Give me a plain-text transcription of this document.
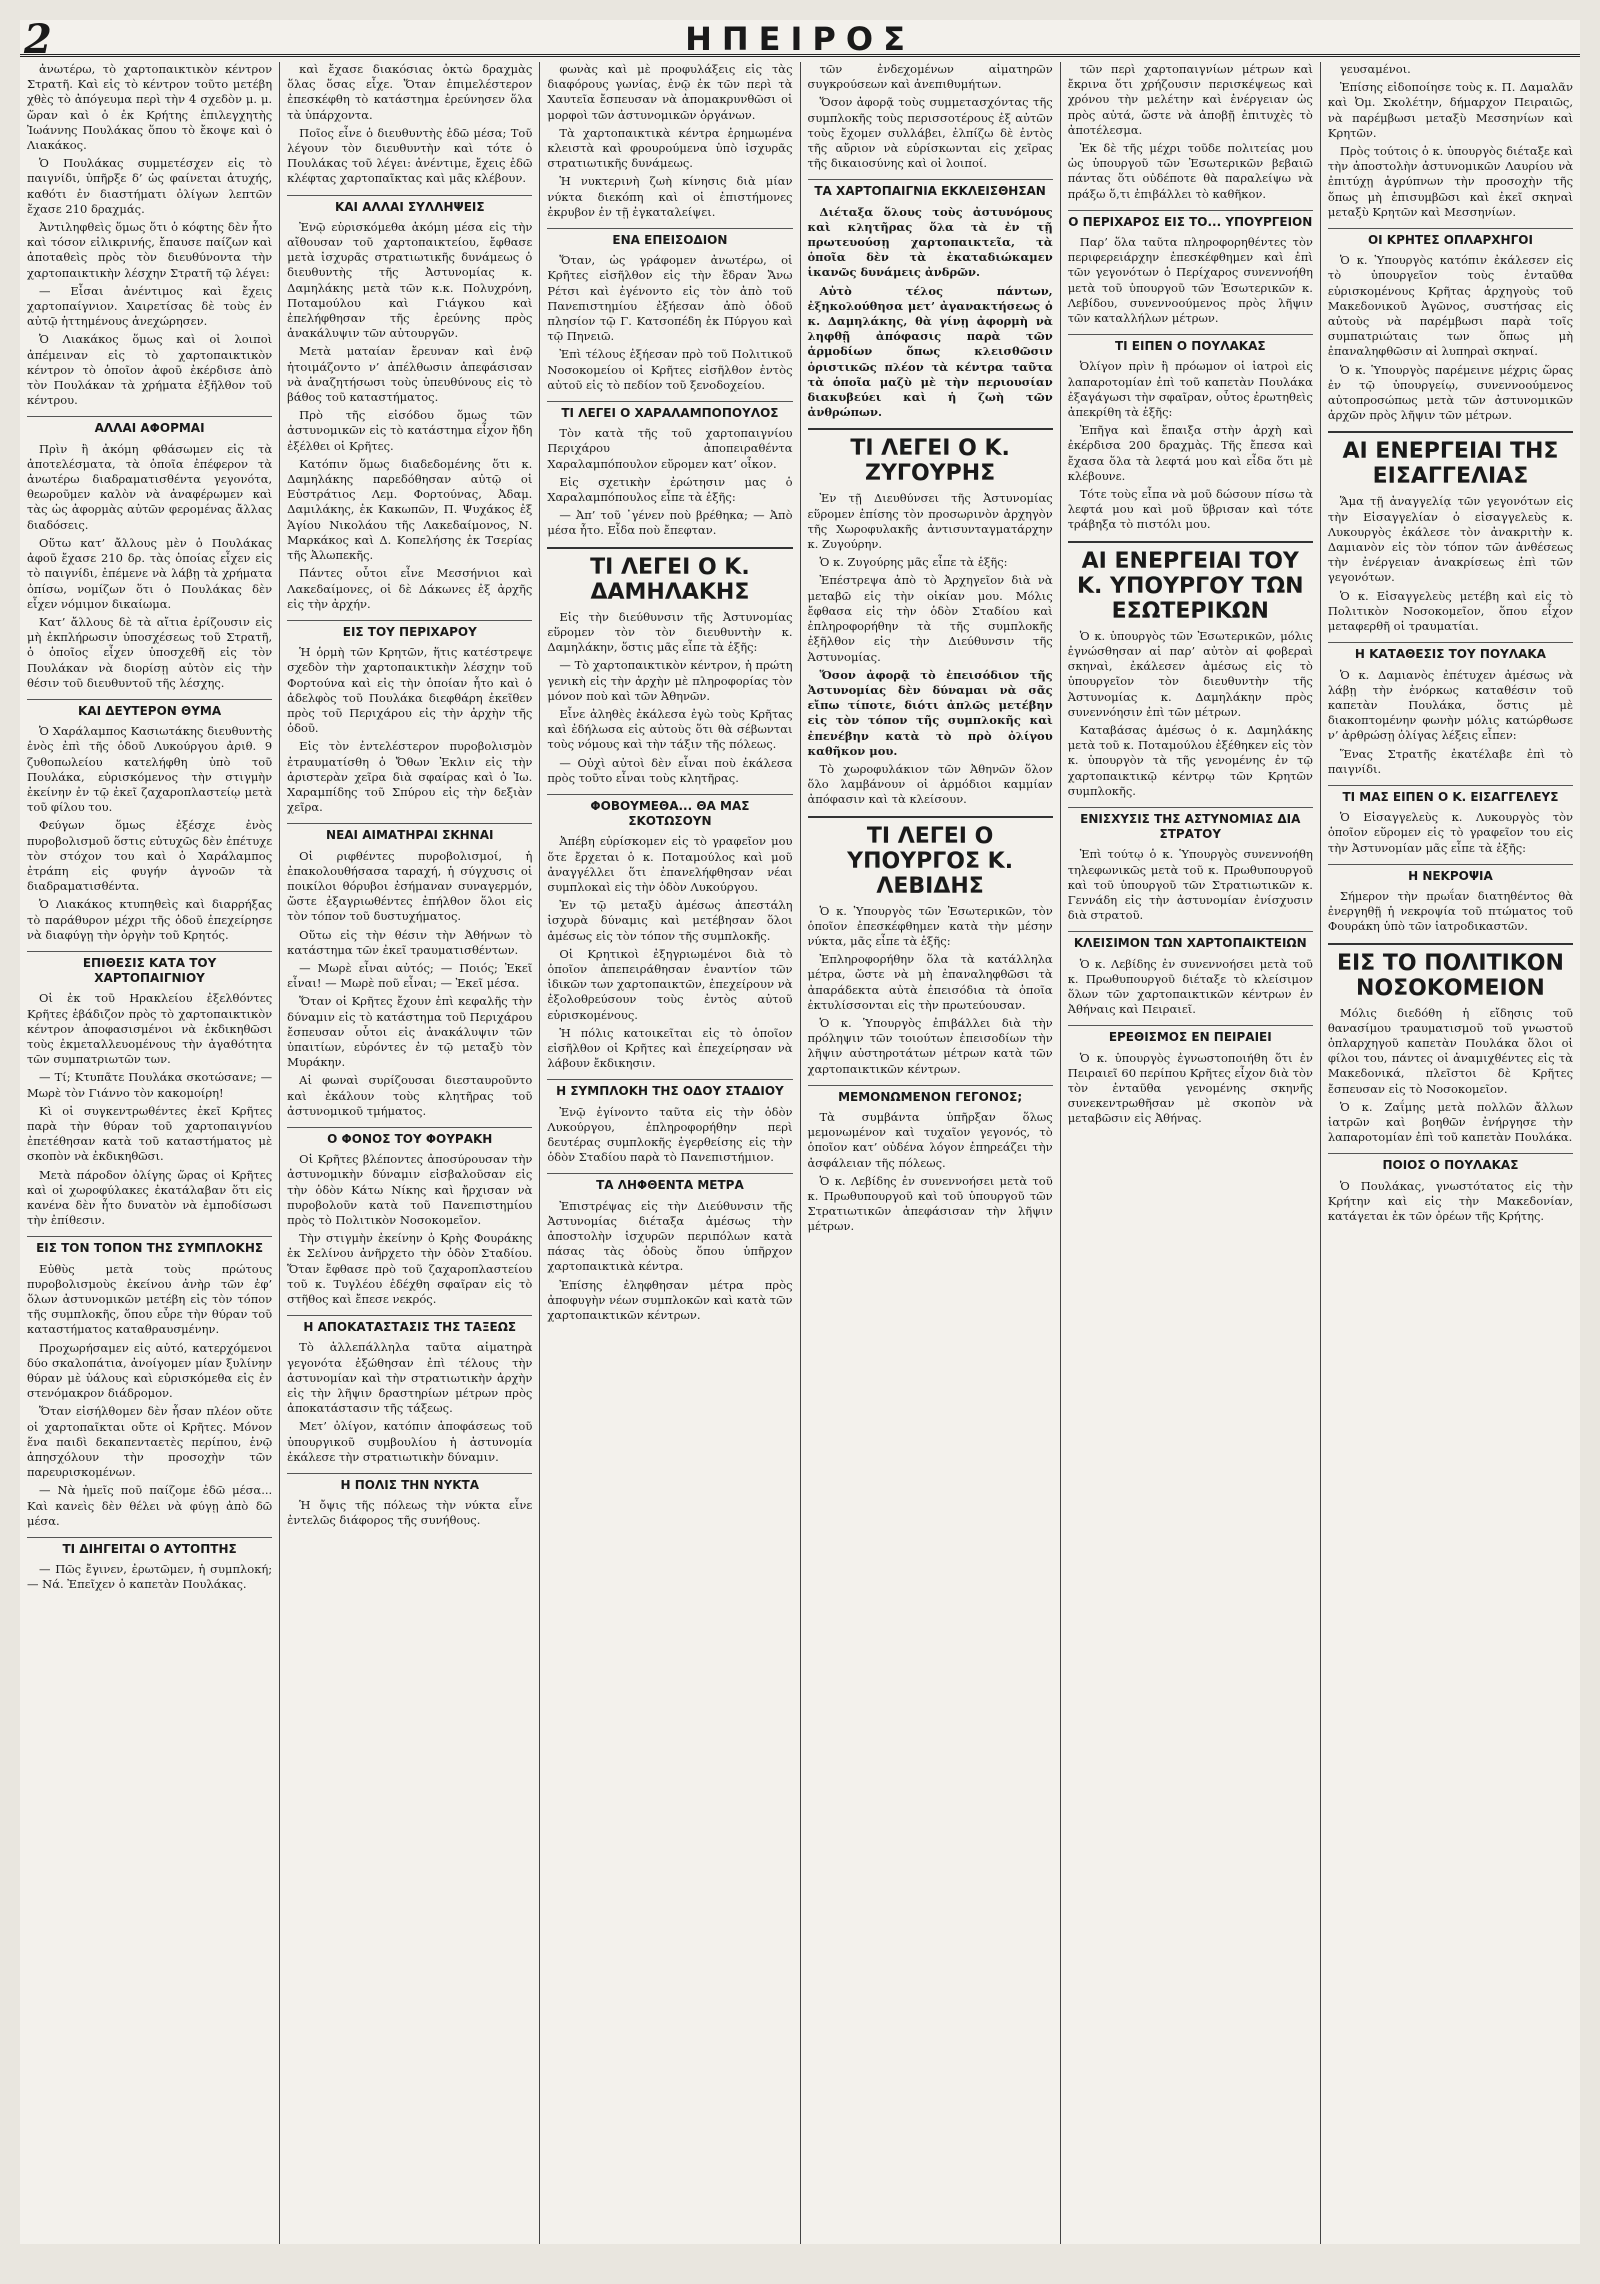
2	ΗΠΕΙΡΟΣ

ἀνωτέρω, τὸ χαρτοπαικτικὸν κέντρον Στρατῆ. Καὶ εἰς τὸ κέντρον τοῦτο μετέβη χθὲς τὸ ἀπόγευμα περὶ τὴν 4 σχεδὸν μ. μ. ὥραν καὶ ὁ ἐκ Κρήτης ἐπιλεγχητὴς Ἰωάννης Πουλάκας ὅπου τὸ ἔκοψε καὶ ὁ Λιακάκος.

Ὁ Πουλάκας συμμετέσχεν εἰς τὸ παιγνίδι, ὑπῆρξε δ’ ὡς φαίνεται ἀτυχής, καθότι ἐν διαστήματι ὀλίγων λεπτῶν ἔχασε 210 δραχμάς.

Ἀντιληφθεὶς ὅμως ὅτι ὁ κόφτης δὲν ἦτο καὶ τόσον εἰλικρινής, ἔπαυσε παίζων καὶ ἀποταθεὶς πρὸς τὸν διευθύνοντα τὴν χαρτοπαικτικὴν λέσχην Στρατῆ τῷ λέγει:

— Εἶσαι ἀνέντιμος καὶ ἔχεις χαρτοπαίγνιον. Χαιρετίσας δὲ τοὺς ἐν αὐτῷ ἡττημένους ἀνεχώρησεν.

Ὁ Λιακάκος ὅμως καὶ οἱ λοιποὶ ἀπέμειναν εἰς τὸ χαρτοπαικτικὸν κέντρον τὸ ὁποῖον ἀφοῦ ἐκέρδισε ἀπὸ τὸν Πουλάκαν τὰ χρήματα ἐξῆλθον τοῦ κέντρου.

ΑΛΛΑΙ ΑΦΟΡΜΑΙ

Πρὶν ἢ ἀκόμη φθάσωμεν εἰς τὰ ἀποτελέσματα, τὰ ὁποῖα ἐπέφερον τὰ ἀνωτέρω διαδραματισθέντα γεγονότα, θεωροῦμεν καλὸν νὰ ἀναφέρωμεν καὶ τὰς ὡς ἀφορμὰς αὐτῶν φερομένας ἄλλας διαδόσεις.

Οὕτω κατ’ ἄλλους μὲν ὁ Πουλάκας ἀφοῦ ἔχασε 210 δρ. τὰς ὁποίας εἶχεν εἰς τὸ παιγνίδι, ἐπέμενε νὰ λάβῃ τὰ χρήματα ὀπίσω, νομίζων ὅτι ὁ Πουλάκας δὲν εἶχεν νόμιμον δικαίωμα.

Κατ’ ἄλλους δὲ τὰ αἴτια ἐρίζουσιν εἰς μὴ ἐκπλήρωσιν ὑποσχέσεως τοῦ Στρατῆ, ὁ ὁποῖος εἶχεν ὑποσχεθῆ εἰς τὸν Πουλάκαν νὰ διορίσῃ αὐτὸν εἰς τὴν θέσιν τοῦ διευθυντοῦ τῆς λέσχης.

ΚΑΙ ΔΕΥΤΕΡΟΝ ΘΥΜΑ

Ὁ Χαράλαμπος Κασιωτάκης διευθυντὴς ἑνὸς ἐπὶ τῆς ὁδοῦ Λυκούργου ἀριθ. 9 ζυθοπωλείου κατελήφθη ὑπὸ τοῦ Πουλάκα, εὑρισκόμενος τὴν στιγμὴν ἐκείνην ἐν τῷ ἐκεῖ ζαχαροπλαστείῳ μετὰ τοῦ φίλου του.

Φεύγων ὅμως ἐξέσχε ἐνὸς πυροβολισμοῦ ὅστις εὐτυχῶς δὲν ἐπέτυχε τὸν στόχον του καὶ ὁ Χαράλαμπος ἐτράπη εἰς φυγήν ἀγνοῶν τὰ διαδραματισθέντα.

Ὁ Λιακάκος κτυπηθεὶς καὶ διαρρήξας τὸ παράθυρον μέχρι τῆς ὁδοῦ ἐπεχείρησε νὰ διαφύγῃ τὴν ὀργὴν τοῦ Κρητός.

ΕΠΙΘΕΣΙΣ ΚΑΤΑ ΤΟΥ ΧΑΡΤΟΠΑΙΓΝΙΟΥ

Οἱ ἐκ τοῦ Ηρακλείου ἐξελθόντες Κρῆτες ἐβάδιζον πρὸς τὸ χαρτοπαικτικὸν κέντρον ἀποφασισμένοι νὰ ἐκδικηθῶσι τοὺς ἐκμεταλλευομένους τὴν ἀγαθότητα τῶν συμπατριωτῶν των.

— Τί; Κτυπᾶτε Πουλάκα σκοτώσανε; — Μωρὲ τὸν Γιάννο τὸν κακομοίρη!

Κὶ οἱ συγκεντρωθέντες ἐκεῖ Κρῆτες παρὰ τὴν θύραν τοῦ χαρτοπαιγνίου ἐπετέθησαν κατὰ τοῦ καταστήματος μὲ σκοπὸν νὰ ἐκδικηθῶσι.

Μετὰ πάροδον ὀλίγης ὥρας οἱ Κρῆτες καὶ οἱ χωροφύλακες ἐκατάλαβαν ὅτι εἰς κανένα δὲν ἦτο δυνατὸν νὰ ἐμποδίσωσι τὴν ἐπίθεσιν.

ΕΙΣ ΤΟΝ ΤΟΠΟΝ ΤΗΣ ΣΥΜΠΛΟΚΗΣ

Εὐθὺς μετὰ τοὺς πρώτους πυροβολισμοὺς ἐκείνου ἀνὴρ τῶν ἐφ’ ὅλων ἀστυνομικῶν μετέβη εἰς τὸν τόπον τῆς συμπλοκῆς, ὅπου εὗρε τὴν θύραν τοῦ καταστήματος καταθραυσμένην.

Προχωρήσαμεν εἰς αὐτό, κατερχόμενοι δύο σκαλοπάτια, ἀνοίγομεν μίαν ξυλίνην θύραν μὲ ὑάλους καὶ εὑρισκόμεθα εἰς ἐν στενόμακρον διάδρομον.

Ὅταν εἰσήλθομεν δὲν ἦσαν πλέον οὔτε οἱ χαρτοπαῖκται οὔτε οἱ Κρῆτες. Μόνον ἕνα παιδὶ δεκαπενταετὲς περίπου, ἐνῷ ἀπησχόλουν τὴν προσοχὴν τῶν παρευρισκομένων.

— Νὰ ἠμεῖς ποῦ παίζομε ἐδῶ μέσα... Καὶ κανεὶς δὲν θέλει νὰ φύγῃ ἀπὸ δῶ μέσα.

ΤΙ ΔΙΗΓΕΙΤΑΙ Ο ΑΥΤΟΠΤΗΣ

— Πῶς ἔγινεν, ἐρωτῶμεν, ἡ συμπλοκή; — Νά. Ἐπεῖχεν ὁ καπετὰν Πουλάκας.

καὶ ἔχασε διακόσιας ὀκτὼ δραχμὰς ὅλας ὅσας εἶχε. Ὅταν ἐπιμελέστερον ἐπεσκέφθη τὸ κατάστημα ἐρεύνησεν ὅλα τὰ ὑπάρχοντα.

Ποῖος εἶνε ὁ διευθυντὴς ἐδῶ μέσα; Τοῦ λέγουν τὸν διευθυντὴν καὶ τότε ὁ Πουλάκας τοῦ λέγει: ἀνέντιμε, ἔχεις ἐδῶ κλέφτας χαρτοπαῖκτας καὶ μᾶς κλέβουν.

ΚΑΙ ΑΛΛΑΙ ΣΥΛΛΗΨΕΙΣ

Ἐνῷ εὑρισκόμεθα ἀκόμη μέσα εἰς τὴν αἴθουσαν τοῦ χαρτοπαικτείου, ἔφθασε μετὰ ἰσχυρᾶς στρατιωτικῆς δυνάμεως ὁ διευθυντὴς τῆς Ἀστυνομίας κ. Δαμηλάκης μετὰ τῶν κ.κ. Πολυχρόνη, Ποταμούλου καὶ Γιάγκου καὶ ἐπελήφθησαν τῆς ἐρεύνης πρὸς ἀνακάλυψιν τῶν αὐτουργῶν.

Μετὰ ματαίαν ἔρευναν καὶ ἐνῷ ἡτοιμάζοντο ν’ ἀπέλθωσιν ἀπεφάσισαν νὰ ἀναζητήσωσι τοὺς ὑπευθύνους εἰς τὸ βάθος τοῦ καταστήματος.

Πρὸ τῆς εἰσόδου ὅμως τῶν ἀστυνομικῶν εἰς τὸ κατάστημα εἶχον ἤδη ἐξέλθει οἱ Κρῆτες.

Κατόπιν ὅμως διαδεδομένης ὅτι κ. Δαμηλάκης παρεδόθησαν αὐτῷ οἱ Εὐστράτιος Λεμ. Φορτούνας, Ἀδαμ. Δαμιλάκης, ἐκ Κακωπῶν, Π. Ψυχάκος ἐξ Ἁγίου Νικολάου τῆς Λακεδαίμονος, Ν. Μαρκάκος καὶ Δ. Κοπελήσης ἐκ Τσερίας τῆς Ἀλωπεκῆς.

Πάντες οὗτοι εἶνε Μεσσήνιοι καὶ Λακεδαίμονες, οἱ δὲ Δάκωνες ἐξ ἀρχῆς εἰς τὴν ἀρχήν.

ΕΙΣ ΤΟΥ ΠΕΡΙΧΑΡΟΥ

Ἡ ὁρμὴ τῶν Κρητῶν, ἥτις κατέστρεψε σχεδὸν τὴν χαρτοπαικτικὴν λέσχην τοῦ Φορτούνα καὶ εἰς τὴν ὁποίαν ἦτο καὶ ὁ ἀδελφὸς τοῦ Πουλάκα διεφθάρη ἐκεῖθεν πρὸς τοῦ Περιχάρου εἰς τὴν ἀρχὴν τῆς ὁδοῦ.

Εἰς τὸν ἐντελέστερον πυροβολισμὸν ἐτραυματίσθη ὁ Ὄθων Ἐκλιν εἰς τὴν ἀριστερὰν χεῖρα διὰ σφαίρας καὶ ὁ Ἰω. Χαραμπίδης τοῦ Σπύρου εἰς τὴν δεξιὰν χεῖρα.

ΝΕΑΙ ΑΙΜΑΤΗΡΑΙ ΣΚΗΝΑΙ

Οἱ ριφθέντες πυροβολισμοί, ἡ ἐπακολουθήσασα ταραχή, ἡ σύγχυσις οἱ ποικίλοι θόρυβοι ἐσήμαναν συναγερμόν, ὥστε ἐξαγριωθέντες ἐπήλθον ὅλοι εἰς τὸν τόπον τοῦ δυστυχήματος.

Οὕτω εἰς τὴν θέσιν τὴν Ἀθήνων τὸ κατάστημα τῶν ἐκεῖ τραυματισθέντων.

— Μωρὲ εἶναι αὐτός; — Ποιός; Ἐκεῖ εἶναι! — Μωρὲ ποῦ εἶναι; — Ἐκεῖ μέσα.

Ὅταν οἱ Κρῆτες ἔχουν ἐπὶ κεφαλῆς τὴν δύναμιν εἰς τὸ κατάστημα τοῦ Περιχάρου ἔσπευσαν οὗτοι εἰς ἀνακάλυψιν τῶν ὑπαιτίων, εὑρόντες ἐν τῷ μεταξὺ τὸν Μυράκην.

Αἱ φωναὶ συρίζουσαι διεσταυροῦντο καὶ ἐκάλουν τοὺς κλητῆρας τοῦ ἀστυνομικοῦ τμήματος.

Ο ΦΟΝΟΣ ΤΟΥ ΦΟΥΡΑΚΗ

Οἱ Κρῆτες βλέποντες ἀποσύρουσαν τὴν ἀστυνομικὴν δύναμιν εἰσβαλοῦσαν εἰς τὴν ὁδὸν Κάτω Νίκης καὶ ἤρχισαν νὰ πυροβολοῦν κατὰ τοῦ Πανεπιστημίου πρὸς τὸ Πολιτικὸν Νοσοκομεῖον.

Τὴν στιγμὴν ἐκείνην ὁ Κρὴς Φουράκης ἐκ Σελίνου ἀνῆρχετο τὴν ὁδὸν Σταδίου. Ὅταν ἔφθασε πρὸ τοῦ ζαχαροπλαστείου τοῦ κ. Τυγλέου ἐδέχθη σφαῖραν εἰς τὸ στῆθος καὶ ἔπεσε νεκρός.

Η ΑΠΟΚΑΤΑΣΤΑΣΙΣ ΤΗΣ ΤΑΞΕΩΣ

Τὸ ἀλλεπάλληλα ταῦτα αἱματηρὰ γεγονότα ἐξώθησαν ἐπὶ τέλους τὴν ἀστυνομίαν καὶ τὴν στρατιωτικὴν ἀρχὴν εἰς τὴν λῆψιν δραστηρίων μέτρων πρὸς ἀποκατάστασιν τῆς τάξεως.

Μετ’ ὀλίγον, κατόπιν ἀποφάσεως τοῦ ὑπουργικοῦ συμβουλίου ἡ ἀστυνομία ἐκάλεσε τὴν στρατιωτικὴν δύναμιν.

Η ΠΟΛΙΣ ΤΗΝ ΝΥΚΤΑ

Ἡ ὄψις τῆς πόλεως τὴν νύκτα εἶνε ἐντελῶς διάφορος τῆς συνήθους.

φωνὰς καὶ μὲ προφυλάξεις εἰς τὰς διαφόρους γωνίας, ἐνῷ ἐκ τῶν περὶ τὰ Χαυτεῖα ἔσπευσαν νὰ ἀπομακρυνθῶσι οἱ μορφοὶ τῶν ἀστυνομικῶν ὀργάνων.

Τὰ χαρτοπαικτικὰ κέντρα ἐρημωμένα κλειστὰ καὶ φρουρούμενα ὑπὸ ἰσχυρᾶς στρατιωτικῆς δυνάμεως.

Ἡ νυκτερινὴ ζωὴ κίνησις διὰ μίαν νύκτα διεκόπη καὶ οἱ ἐπιστήμονες ἐκρυβον ἐν τῇ ἐγκαταλείψει.

ΕΝΑ ΕΠΕΙΣΟΔΙΟΝ

Ὅταν, ὡς γράφομεν ἀνωτέρω, οἱ Κρῆτες εἰσῆλθον εἰς τὴν ἔδραν Ἄνω Ρέτσι καὶ ἐγένοντο εἰς τὸν ἀπὸ τοῦ Πανεπιστημίου ἐξήεσαν ἀπὸ ὁδοῦ πλησίον τῷ Γ. Κατσοπέδη ἐκ Πύργου καὶ τῷ Πηνειῶ.

Ἐπὶ τέλους ἐξήεσαν πρὸ τοῦ Πολιτικοῦ Νοσοκομείου οἱ Κρῆτες εἰσῆλθον ἐντὸς αὐτοῦ εἰς τὸ πεδίον τοῦ ξενοδοχείου.

ΤΙ ΛΕΓΕΙ Ο ΧΑΡΑΛΑΜΠΟΠΟΥΛΟΣ

Τὸν κατὰ τῆς τοῦ χαρτοπαιγνίου Περιχάρου ἀποπειραθέντα Χαραλαμπόπουλον εὕρομεν κατ’ οἶκον.

Εἰς σχετικὴν ἐρώτησιν μας ὁ Χαραλαμπόπουλος εἶπε τὰ ἑξῆς:

— Ἀπ’ τοῦ ᾽γένεν ποὺ βρέθηκα; — Ἀπὸ μέσα ἦτο. Εἶδα ποὺ ἔπεφταν.

ΤΙ ΛΕΓΕΙ Ο Κ. ΔΑΜΗΛΑΚΗΣ

Εἰς τὴν διεύθυνσιν τῆς Ἀστυνομίας εὕρομεν τὸν τὸν διευθυντὴν κ. Δαμηλάκην, ὅστις μᾶς εἶπε τὰ ἑξῆς:

— Τὸ χαρτοπαικτικὸν κέντρον, ἡ πρώτη γενικὴ εἰς τὴν ἀρχὴν μὲ πληροφορίας τὸν μόνον ποὺ καὶ τῶν Ἀθηνῶν.

Εἶνε ἀληθὲς ἐκάλεσα ἐγὼ τοὺς Κρῆτας καὶ ἐδήλωσα εἰς αὐτοὺς ὅτι θὰ σέβωνται τοὺς νόμους καὶ τὴν τάξιν τῆς πόλεως.

— Οὐχὶ αὐτοὶ δὲν εἶναι ποὺ ἐκάλεσα πρὸς τοῦτο εἶναι τοὺς κλητῆρας.

ΦΟΒΟΥΜΕΘΑ... ΘΑ ΜΑΣ ΣΚΟΤΩΣΟΥΝ

Ἀπέβη εὑρίσκομεν εἰς τὸ γραφεῖον μου ὅτε ἔρχεται ὁ κ. Ποταμούλος καὶ μοῦ ἀναγγέλλει ὅτι ἐπανελήφθησαν νέαι συμπλοκαὶ εἰς τὴν ὁδὸν Λυκούργου.

Ἐν τῷ μεταξὺ ἀμέσως ἀπεστάλη ἰσχυρὰ δύναμις καὶ μετέβησαν ὅλοι ἀμέσως εἰς τὸν τόπον τῆς συμπλοκῆς.

Οἱ Κρητικοὶ ἐξηγριωμένοι διὰ τὸ ὁποῖον ἀπεπειράθησαν ἐναντίον τῶν ἰδικῶν των χαρτοπαικτῶν, ἐπεχείρουν νὰ ἐξολοθρεύσουν τοὺς ἐντὸς αὐτοῦ εὑρισκομένους.

Ἡ πόλις κατοικεῖται εἰς τὸ ὁποῖον εἰσῆλθον οἱ Κρῆτες καὶ ἐπεχείρησαν νὰ λάβουν ἔκδικησιν.

Η ΣΥΜΠΛΟΚΗ ΤΗΣ ΟΔΟΥ ΣΤΑΔΙΟΥ

Ἐνῷ ἐγίνοντο ταῦτα εἰς τὴν ὁδὸν Λυκούργου, ἐπληροφορήθην περὶ δευτέρας συμπλοκῆς ἐγερθείσης εἰς τὴν ὁδὸν Σταδίου παρὰ τὸ Πανεπιστήμιον.

ΤΑ ΛΗΦΘΕΝΤΑ ΜΕΤΡΑ

Ἐπιστρέψας εἰς τὴν Διεύθυνσιν τῆς Ἀστυνομίας διέταξα ἀμέσως τὴν ἀποστολὴν ἰσχυρῶν περιπόλων κατὰ πάσας τὰς ὁδοὺς ὅπου ὑπῆρχον χαρτοπαικτικὰ κέντρα.

Ἐπίσης ἐληφθησαν μέτρα πρὸς ἀποφυγὴν νέων συμπλοκῶν καὶ κατὰ τῶν χαρτοπαικτικῶν κέντρων.

τῶν ἐνδεχομένων αἱματηρῶν συγκρούσεων καὶ ἀνεπιθυμήτων.

Ὅσον ἀφορᾷ τοὺς συμμετασχόντας τῆς συμπλοκῆς τοὺς περισσοτέρους ἐξ αὐτῶν τοὺς ἔχομεν συλλάβει, ἐλπίζω δὲ ἐντὸς τῆς αὔριον νὰ εὑρίσκωνται εἰς χεῖρας τῆς δικαιοσύνης καὶ οἱ λοιποί.

ΤΑ ΧΑΡΤΟΠΑΙΓΝΙΑ ΕΚΚΛΕΙΣΘΗΣΑΝ

Διέταξα ὅλους τοὺς ἀστυνόμους καὶ κλητῆρας ὅλα τὰ ἐν τῇ πρωτευούσῃ χαρτοπαικτεῖα, τὰ ὁποῖα δὲν τὰ ἐκαταδιώκαμεν ἱκανῶς δυνάμεις ἀνδρῶν.

Αὐτὸ τέλος πάντων, ἐξηκολούθησα μετ’ ἀγανακτήσεως ὁ κ. Δαμηλάκης, θὰ γίνῃ ἀφορμὴ νὰ ληφθῇ ἀπόφασις παρὰ τῶν ἁρμοδίων ὅπως κλεισθῶσιν ὁριστικῶς πλέον τὰ κέντρα ταῦτα τὰ ὁποῖα μαζὺ μὲ τὴν περιουσίαν διακυβεύει καὶ ἡ ζωὴ τῶν ἀνθρώπων.

ΤΙ ΛΕΓΕΙ Ο Κ. ΖΥΓΟΥΡΗΣ

Ἐν τῇ Διευθύνσει τῆς Ἀστυνομίας εὕρομεν ἐπίσης τὸν προσωρινὸν ἀρχηγὸν τῆς Χωροφυλακῆς ἀντισυνταγματάρχην κ. Ζυγούρην.

Ὁ κ. Ζυγούρης μᾶς εἶπε τὰ ἑξῆς:

Ἐπέστρεψα ἀπὸ τὸ Ἀρχηγεῖον διὰ νὰ μεταβῶ εἰς τὴν οἰκίαν μου. Μόλις ἔφθασα εἰς τὴν ὁδὸν Σταδίου καὶ ἐπληροφορήθην τὰ τῆς συμπλοκῆς ἐξῆλθον εἰς τὴν Διεύθυνσιν τῆς Ἀστυνομίας.

Ὅσον ἀφορᾷ τὸ ἐπεισόδιον τῆς Ἀστυνομίας δὲν δύναμαι νὰ σᾶς εἴπω τίποτε, διότι ἀπλῶς μετέβην εἰς τὸν τόπον τῆς συμπλοκῆς καὶ ἐπενέβην κατὰ τὸ πρὸ ὀλίγου καθῆκον μου.

Τὸ χωροφυλάκιον τῶν Ἀθηνῶν ὅλον ὅλο λαμβάνουν οἱ ἀρμόδιοι καμμίαν ἀπόφασιν καὶ τὰ κλείσουν.

ΤΙ ΛΕΓΕΙ Ο ΥΠΟΥΡΓΟΣ Κ. ΛΕΒΙΔΗΣ

Ὁ κ. Ὑπουργὸς τῶν Ἐσωτερικῶν, τὸν ὁποῖον ἐπεσκέφθημεν κατὰ τὴν μέσην νύκτα, μᾶς εἶπε τὰ ἑξῆς:

Ἐπληροφορήθην ὅλα τὰ κατάλληλα μέτρα, ὥστε νὰ μὴ ἐπαναληφθῶσι τὰ ἀπαράδεκτα αὐτὰ ἐπεισόδια τὰ ὁποῖα ἐκτυλίσσονται εἰς τὴν πρωτεύουσαν.

Ὁ κ. Ὑπουργὸς ἐπιβάλλει διὰ τὴν πρόληψιν τῶν τοιούτων ἐπεισοδίων τὴν λῆψιν αὐστηροτάτων μέτρων κατὰ τῶν χαρτοπαικτικῶν κέντρων.

ΜΕΜΟΝΩΜΕΝΟΝ ΓΕΓΟΝΟΣ;

Τὰ συμβάντα ὑπῆρξαν ὅλως μεμονωμένον καὶ τυχαῖον γεγονός, τὸ ὁποῖον κατ’ οὐδένα λόγον ἐπηρεάζει τὴν ἀσφάλειαν τῆς πόλεως.

Ὁ κ. Λεβίδης ἐν συνεννοήσει μετὰ τοῦ κ. Πρωθυπουργοῦ καὶ τοῦ ὑπουργοῦ τῶν Στρατιωτικῶν ἀπεφάσισαν τὴν λῆψιν μέτρων.

τῶν περὶ χαρτοπαιγνίων μέτρων καὶ ἔκρινα ὅτι χρήζουσιν περισκέψεως καὶ χρόνου τὴν μελέτην καὶ ἐνέργειαν ὡς πρὸς αὐτά, ὥστε νὰ ἀποβῇ ἐπιτυχὲς τὸ ἀποτέλεσμα.

Ἐκ δὲ τῆς μέχρι τοῦδε πολιτείας μου ὡς ὑπουργοῦ τῶν Ἐσωτερικῶν βεβαιῶ πάντας ὅτι οὐδέποτε θὰ παραλείψω νὰ πράξω ὅ,τι ἐπιβάλλει τὸ καθῆκον.

Ο ΠΕΡΙΧΑΡΟΣ ΕΙΣ ΤΟ... ΥΠΟΥΡΓΕΙΟΝ

Παρ’ ὅλα ταῦτα πληροφορηθέντες τὸν περιφερειάρχην ἐπεσκέφθημεν καὶ ἐπὶ τῶν γεγονότων ὁ Περίχαρος συνεννοήθη μετὰ τοῦ ὑπουργοῦ τῶν Ἐσωτερικῶν κ. Λεβίδου, συνεννοούμενος πρὸς λῆψιν τῶν καταλλήλων μέτρων.

ΤΙ ΕΙΠΕΝ Ο ΠΟΥΛΑΚΑΣ

Ὀλίγον πρὶν ἢ πρόωμον οἱ ἰατροὶ εἰς λαπαροτομίαν ἐπὶ τοῦ καπετὰν Πουλάκα ἐξαγάγωσι τὴν σφαῖραν, οὗτος ἐρωτηθεὶς ἀπεκρίθη τὰ ἑξῆς:

Ἐπῆγα καὶ ἔπαιξα στὴν ἀρχὴ καὶ ἐκέρδισα 200 δραχμὰς. Τῆς ἔπεσα καὶ ἔχασα ὅλα τὰ λεφτά μου καὶ εἶδα ὅτι μὲ κλέβουνε.

Τότε τοὺς εἶπα νὰ μοῦ δώσουν πίσω τὰ λεφτά μου καὶ μοῦ ὕβρισαν καὶ τότε τράβηξα τὸ πιστόλι μου.

ΑΙ ΕΝΕΡΓΕΙΑΙ ΤΟΥ Κ. ΥΠΟΥΡΓΟΥ ΤΩΝ ΕΣΩΤΕΡΙΚΩΝ

Ὁ κ. ὑπουργὸς τῶν Ἐσωτερικῶν, μόλις ἐγνώσθησαν αἱ παρ’ αὐτὸν αἱ φοβεραὶ σκηναὶ, ἐκάλεσεν ἀμέσως εἰς τὸ ὑπουργεῖον τὸν διευθυντὴν τῆς Ἀστυνομίας κ. Δαμηλάκην πρὸς συνεννόησιν ἐπὶ τῶν μέτρων.

Καταβάσας ἀμέσως ὁ κ. Δαμηλάκης μετὰ τοῦ κ. Ποταμούλου ἐξέθηκεν εἰς τὸν κ. ὑπουργὸν τὰ τῆς γενομένης ἐν τῷ χαρτοπαικτικῷ κέντρῳ τῶν Κρητῶν συμπλοκῆς.

ΕΝΙΣΧΥΣΙΣ ΤΗΣ ΑΣΤΥΝΟΜΙΑΣ ΔΙΑ ΣΤΡΑΤΟΥ

Ἐπὶ τούτῳ ὁ κ. Ὑπουργὸς συνεννοήθη τηλεφωνικῶς μετὰ τοῦ κ. Πρωθυπουργοῦ καὶ τοῦ ὑπουργοῦ τῶν Στρατιωτικῶν κ. Γεννάδη εἰς τὴν ἀστυνομίαν ἐνίσχυσιν διὰ στρατοῦ.

ΚΛΕΙΣΙΜΟΝ ΤΩΝ ΧΑΡΤΟΠΑΙΚΤΕΙΩΝ

Ὁ κ. Λεβίδης ἐν συνεννοήσει μετὰ τοῦ κ. Πρωθυπουργοῦ διέταξε τὸ κλείσιμον ὅλων τῶν χαρτοπαικτικῶν κέντρων ἐν Ἀθήναις καὶ Πειραιεῖ.

ΕΡΕΘΙΣΜΟΣ ΕΝ ΠΕΙΡΑΙΕΙ

Ὁ κ. ὑπουργὸς ἐγνωστοποιήθη ὅτι ἐν Πειραιεῖ 60 περίπου Κρῆτες εἶχον διὰ τὸν τὸν ἐνταῦθα γενομένης σκηνῆς συνεκεντρωθῆσαν μὲ σκοπὸν νὰ μεταβῶσιν εἰς Ἀθήνας.

γευσαμένοι.

Ἐπίσης εἰδοποίησε τοὺς κ. Π. Δαμαλᾶν καὶ Ὀμ. Σκολέτην, δήμαρχον Πειραιῶς, νὰ παρέμβωσι μεταξὺ Μεσσηνίων καὶ Κρητῶν.

Πρὸς τούτοις ὁ κ. ὑπουργὸς διέταξε καὶ τὴν ἀποστολὴν ἀστυνομικῶν Λαυρίου νὰ ἐπιτύχῃ ἀγρύπνων τὴν προσοχὴν τῆς ὅπως μὴ ἐπισυμβῶσι καὶ ἐκεῖ σκηναὶ μεταξὺ Κρητῶν καὶ Μεσσηνίων.

ΟΙ ΚΡΗΤΕΣ ΟΠΛΑΡΧΗΓΟΙ

Ὁ κ. Ὑπουργὸς κατόπιν ἐκάλεσεν εἰς τὸ ὑπουργεῖον τοὺς ἐνταῦθα εὑρισκομένους Κρῆτας ἀρχηγοὺς τοῦ Μακεδονικοῦ Ἀγῶνος, συστήσας εἰς αὐτοὺς νὰ παρέμβωσι παρὰ τοῖς συμπατριώταις των ὅπως μὴ ἐπαναληφθῶσιν αἱ λυπηραὶ σκηναί.

Ὁ κ. Ὑπουργὸς παρέμεινε μέχρις ὥρας ἐν τῷ ὑπουργείῳ, συνεννοούμενος αὐτοπροσώπως μετὰ τῶν ἀστυνομικῶν ἀρχῶν πρὸς λῆψιν τῶν μέτρων.

ΑΙ ΕΝΕΡΓΕΙΑΙ ΤΗΣ ΕΙΣΑΓΓΕΛΙΑΣ

Ἅμα τῇ ἀναγγελίᾳ τῶν γεγονότων εἰς τὴν Εἰσαγγελίαν ὁ εἰσαγγελεὺς κ. Λυκουργὸς ἐκάλεσε τὸν ἀνακριτὴν κ. Δαμιανὸν εἰς τὸν τόπον τῶν ἀνθέσεως τὴν ἐνέργειαν ἀνακρίσεως ἐπὶ τῶν γεγονότων.

Ὁ κ. Εἰσαγγελεὺς μετέβη καὶ εἰς τὸ Πολιτικὸν Νοσοκομεῖον, ὅπου εἶχον μεταφερθῆ οἱ τραυματίαι.

Η ΚΑΤΑΘΕΣΙΣ ΤΟΥ ΠΟΥΛΑΚΑ

Ὁ κ. Δαμιανὸς ἐπέτυχεν ἀμέσως νὰ λάβῃ τὴν ἐνόρκως καταθέσιν τοῦ καπετὰν Πουλάκα, ὅστις μὲ διακοπτομένην φωνὴν μόλις κατώρθωσε ν’ ἀρθρώσῃ ὀλίγας λέξεις εἶπεν:

Ἕνας Στρατῆς ἐκατέλαβε ἐπὶ τὸ παιγνίδι.

ΤΙ ΜΑΣ ΕΙΠΕΝ Ο Κ. ΕΙΣΑΓΓΕΛΕΥΣ

Ὁ Εἰσαγγελεὺς κ. Λυκουργὸς τὸν ὁποῖον εὕρομεν εἰς τὸ γραφεῖον του εἰς τὴν Ἀστυνομίαν μᾶς εἶπε τὰ ἑξῆς:

Η ΝΕΚΡΟΨΙΑ

Σήμερον τὴν πρωΐαν διατηθέντος θὰ ἐνεργηθῇ ἡ νεκροψία τοῦ πτώματος τοῦ Φουράκη ὑπὸ τῶν ἰατροδικαστῶν.

ΕΙΣ ΤΟ ΠΟΛΙΤΙΚΟΝ ΝΟΣΟΚΟΜΕΙΟΝ

Μόλις διεδόθη ἡ εἴδησις τοῦ θανασίμου τραυματισμοῦ τοῦ γνωστοῦ ὁπλαρχηγοῦ καπετὰν Πουλάκα ὅλοι οἱ φίλοι του, πάντες οἱ ἀναμιχθέντες εἰς τὰ Μακεδονικά, πλεῖστοι δὲ Κρῆτες ἔσπευσαν εἰς τὸ Νοσοκομεῖον.

Ὁ κ. Ζαΐμης μετὰ πολλῶν ἄλλων ἰατρῶν καὶ βοηθῶν ἐνήργησε τὴν λαπαροτομίαν ἐπὶ τοῦ καπετὰν Πουλάκα.

ΠΟΙΟΣ Ο ΠΟΥΛΑΚΑΣ

Ὁ Πουλάκας, γνωστότατος εἰς τὴν Κρήτην καὶ εἰς τὴν Μακεδονίαν, κατάγεται ἐκ τῶν ὀρέων τῆς Κρήτης.
